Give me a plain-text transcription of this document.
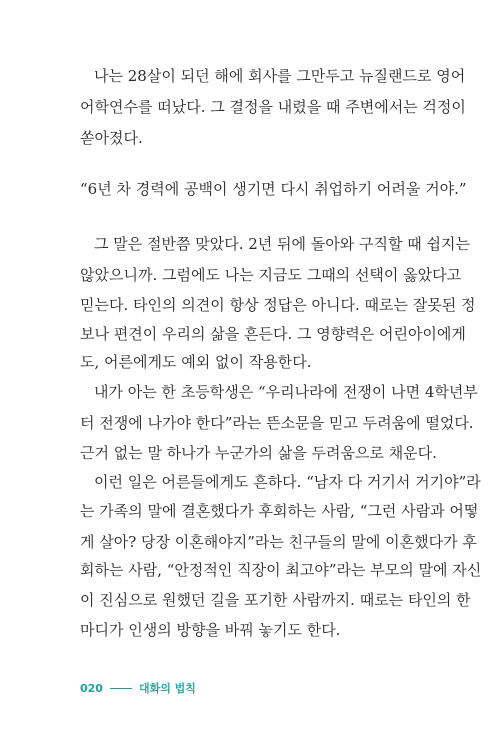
나는 28살이 되던 해에 회사를 그만두고 뉴질랜드로 영어
어학연수를 떠났다. 그 결정을 내렸을 때 주변에서는 걱정이
쏟아졌다.
“6년 차 경력에 공백이 생기면 다시 취업하기 어려울 거야.”
그 말은 절반쯤 맞았다. 2년 뒤에 돌아와 구직할 때 쉽지는
않았으니까. 그럼에도 나는 지금도 그때의 선택이 옳았다고
믿는다. 타인의 의견이 항상 정답은 아니다. 때로는 잘못된 정
보나 편견이 우리의 삶을 흔든다. 그 영향력은 어린아이에게
도, 어른에게도 예외 없이 작용한다.
내가 아는 한 초등학생은 “우리나라에 전쟁이 나면 4학년부
터 전쟁에 나가야 한다”라는 뜬소문을 믿고 두려움에 떨었다.
근거 없는 말 하나가 누군가의 삶을 두려움으로 채운다.
이런 일은 어른들에게도 흔하다. “남자 다 거기서 거기야”라
는 가족의 말에 결혼했다가 후회하는 사람, “그런 사람과 어떻
게 살아? 당장 이혼해야지”라는 친구들의 말에 이혼했다가 후
회하는 사람, “안정적인 직장이 최고야”라는 부모의 말에 자신
이 진심으로 원했던 길을 포기한 사람까지. 때로는 타인의 한
마디가 인생의 방향을 바꿔 놓기도 한다.
020	대화의 법칙
